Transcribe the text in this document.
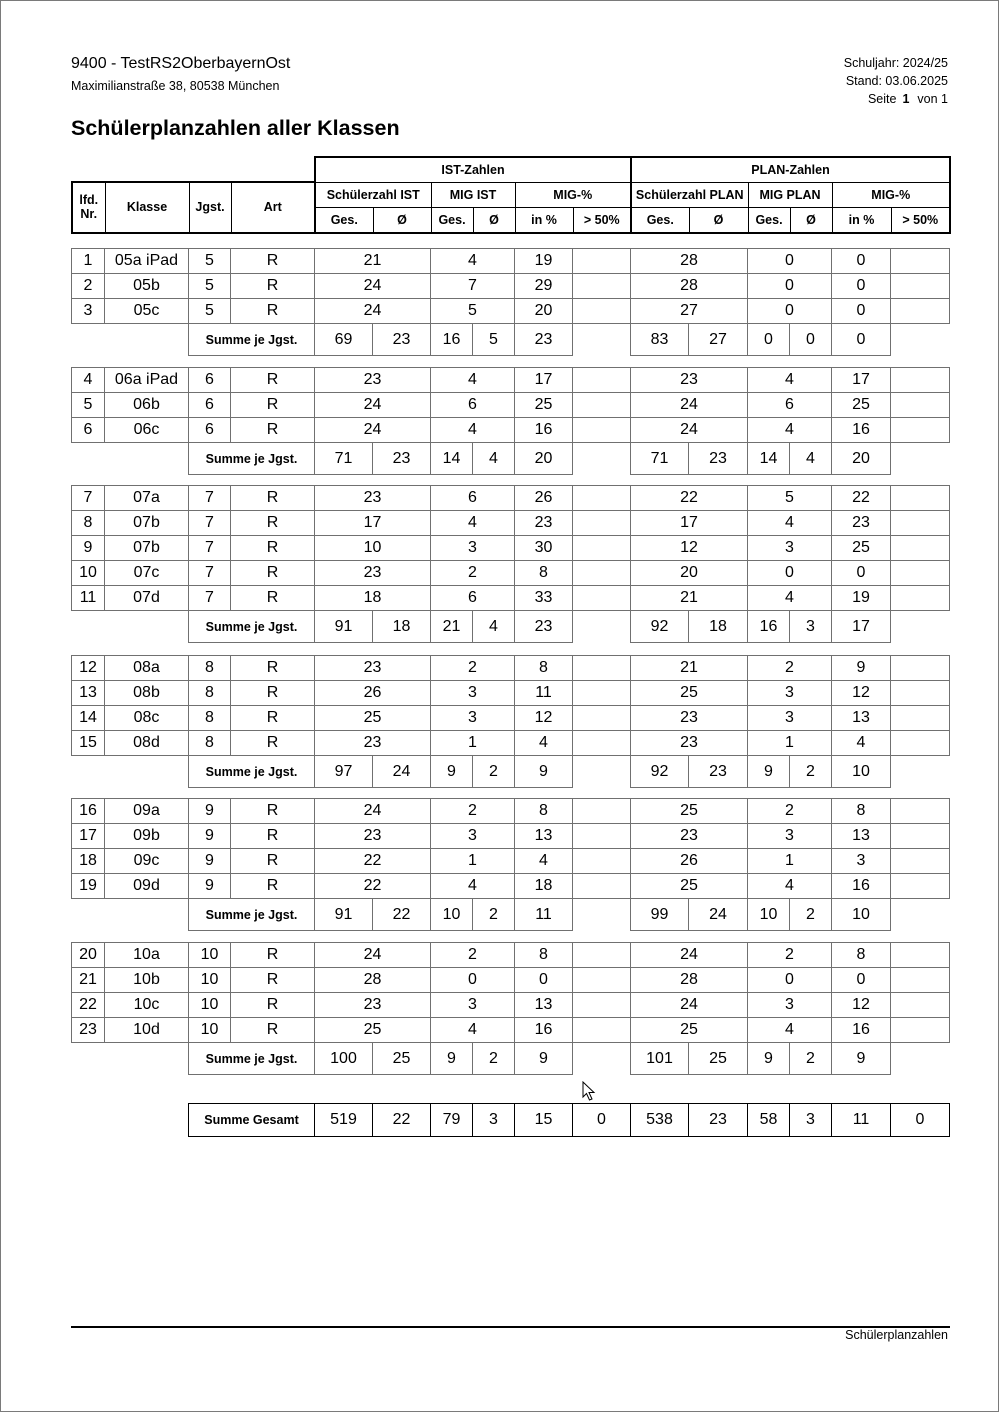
9400 - TestRS2OberbayernOst
Maximilianstraße 38, 80538 München
Schuljahr: 2024/25
Stand: 03.06.2025
Seite 1 von 1
Schülerplanzahlen aller Klassen
				IST-Zahlen						PLAN-Zahlen					
lfd.
Nr.	Klasse	Jgst.	Art	Schülerzahl IST		MIG IST		MIG-%		Schülerzahl PLAN		MIG PLAN		MIG-%	
				Ges.	Ø	Ges.	Ø	in %	> 50%	Ges.	Ø	Ges.	Ø	in %	> 50%
1	05a iPad	5	R	21		4		19		28		0		0	
2	05b	5	R	24		7		29		28		0		0	
3	05c	5	R	24		5		20		27		0		0	
		Summe je Jgst.		69	23	16	5	23		83	27	0	0	0	
4	06a iPad	6	R	23		4		17		23		4		17	
5	06b	6	R	24		6		25		24		6		25	
6	06c	6	R	24		4		16		24		4		16	
		Summe je Jgst.		71	23	14	4	20		71	23	14	4	20	
7	07a	7	R	23		6		26		22		5		22	
8	07b	7	R	17		4		23		17		4		23	
9	07b	7	R	10		3		30		12		3		25	
10	07c	7	R	23		2		8		20		0		0	
11	07d	7	R	18		6		33		21		4		19	
		Summe je Jgst.		91	18	21	4	23		92	18	16	3	17	
12	08a	8	R	23		2		8		21		2		9	
13	08b	8	R	26		3		11		25		3		12	
14	08c	8	R	25		3		12		23		3		13	
15	08d	8	R	23		1		4		23		1		4	
		Summe je Jgst.		97	24	9	2	9		92	23	9	2	10	
16	09a	9	R	24		2		8		25		2		8	
17	09b	9	R	23		3		13		23		3		13	
18	09c	9	R	22		1		4		26		1		3	
19	09d	9	R	22		4		18		25		4		16	
		Summe je Jgst.		91	22	10	2	11		99	24	10	2	10	
20	10a	10	R	24		2		8		24		2		8	
21	10b	10	R	28		0		0		28		0		0	
22	10c	10	R	23		3		13		24		3		12	
23	10d	10	R	25		4		16		25		4		16	
		Summe je Jgst.		100	25	9	2	9		101	25	9	2	9	
Summe Gesamt	519	22	79	3	15	0	538	23	58	3	11	0
Schülerplanzahlen
